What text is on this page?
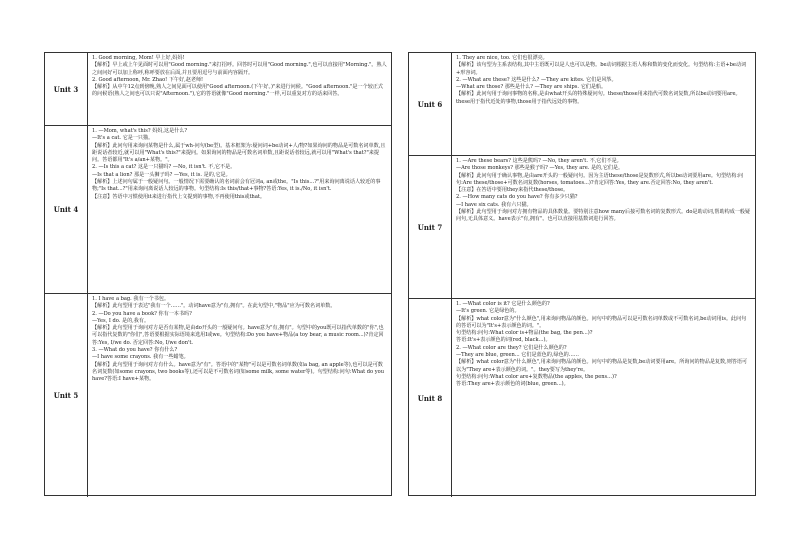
Unit 3

1. Good morning, Mom! 早上好,妈妈!

【解析】早上或上午见面时可以用"Good morning."来打招呼。回答时可以用"Good morning.",也可以直接用"Morning."。熟人之间问好可以加上称呼,称呼要放在后面,并且要用逗号与前面内容隔开。

2. Good afternoon, Mr. Zhao! 下午好,赵老师!

【解析】从中午12点到傍晚,熟人之间见面可以使用"Good afternoon.(下午好。)"来进行问候。"Good afternoon."是一个较正式的问候语(熟人之间也可以只说"Afternoon."),它的答语就像"Good morning."一样,可以重复对方的话来回答。

Unit 4

1. —Mom, what's this? 妈妈,这是什么?

—It's a cat. 它是一只猫。

【解析】此问句用来询问某物是什么,属于wh-问句(be型)。基本框架为:疑问词+be动词+人/物?如果询问的物品是可数名词单数,且距说话者较近,就可以用"What's this?"来提问。如果询问的物品是可数名词单数,且距说话者较远,就可以用"What's that?"来提问。答语都用"It's a/an+某物。"。

2. —Is this a cat? 这是一只猫吗? —No, it isn't. 不,它不是。

—Is that a lion? 那是一头狮子吗? —Yes, it is. 是的,它是。

【解析】上述问句属于一般疑问句。一般情况下需要确认的名词前会有冠词a, an或the。"Is this...?"用来询问离说话人较近的事物;"Is that...?"用来询问离说话人较远的事物。句型结构:Is this/that+事物?答语:Yes, it is./No, it isn't.

【注意】答语中习惯使用it来进行指代上文提到的事物,不再使用this或that。

Unit 5

1. I have a bag. 我有一个书包。

【解析】此句型用于表达"我有一个……"。动词have意为"有,拥有"。在此句型中,"物品"应为可数名词单数。

2. —Do you have a book? 你有一本书吗?

—Yes, I do. 是的,我有。

【解析】此句型用于询问对方是否有某物,是由do开头的一般疑问句。have意为"有,拥有"。句型中的you既可以指代单数的"你",也可以指代复数的"你们",答语要根据实际语境来选用I或we。句型结构:Do you have+物品(a toy bear, a music room...)?肯定回答:Yes, I/we do. 否定回答:No, I/we don't.

3. —What do you have? 你有什么?

—I have some crayons. 我有一些蜡笔。

【解析】此句型用于询问对方有什么。have意为"有"。答语中的"某物"可以是可数名词单数(如a bag, an apple等),也可以是可数名词复数(如some crayons, two books等),还可以是不可数名词(如some milk, some water等)。句型结构:问句:What do you have?答语:I have+某物。

Unit 6

1. They are nice, too. 它们也很漂亮。

【解析】该句型为主系表结构,其中主语既可以是人也可以是物。be动词根据主语人称和数的变化而变化。句型结构:主语+be动词+形容词。

2. —What are these? 这些是什么? —They are kites. 它们是风筝。

—What are those? 那些是什么? —They are ships. 它们是船。

【解析】此问句用于询问事物的名称,是由what开头的特殊疑问句。these/those用来指代可数名词复数,所以be动词要用are。these用于指代近处的事物,those用于指代远处的事物。

Unit 7

1. —Are these bears? 这些是熊吗? —No, they aren't. 不,它们不是。

—Are those monkeys? 那些是猴子吗? —Yes, they are. 是的,它们是。

【解析】此问句用于确认事物,是由are开头的一般疑问句。因为主语these/those是复数形式,所以be动词要用are。句型结构:问句:Are these/those+可数名词复数(horses, tomatoes...)?肯定回答:Yes, they are.否定回答:No, they aren't.

【注意】在答语中要用they来指代these/those。

2. —How many cats do you have? 你有多少只猫?

—I have six cats. 我有六只猫。

【解析】此句型用于询问对方拥有物品的具体数量。要特别注意how many后接可数名词的复数形式。do是助动词,帮助构成一般疑问句,无具体意义。have表示"有,拥有"。也可以直接用基数词进行回答。

Unit 8

1. —What color is it? 它是什么颜色的?

—It's green. 它是绿色的。

【解析】what color意为"什么颜色",用来询问物品的颜色。问句中的物品可以是可数名词单数或不可数名词,be动词用is。此问句的答语可以为"It's+表示颜色的词。"。

句型结构:问句:What color is+物品(the bag, the pen...)?

答语:It's+表示颜色的词(red, black...)。

2. —What color are they? 它们是什么颜色的?

—They are blue, green... 它们是蓝色的,绿色的……

【解析】what color意为"什么颜色",用来询问物品的颜色。问句中的物品是复数,be动词要用are。所询问的物品是复数,则答语可以为"They are+表示颜色的词。"。they要写为they're。

句型结构:问句:What color are+复数物品(the apples, the pens...)?

答语:They are+表示颜色的词(blue, green...)。
